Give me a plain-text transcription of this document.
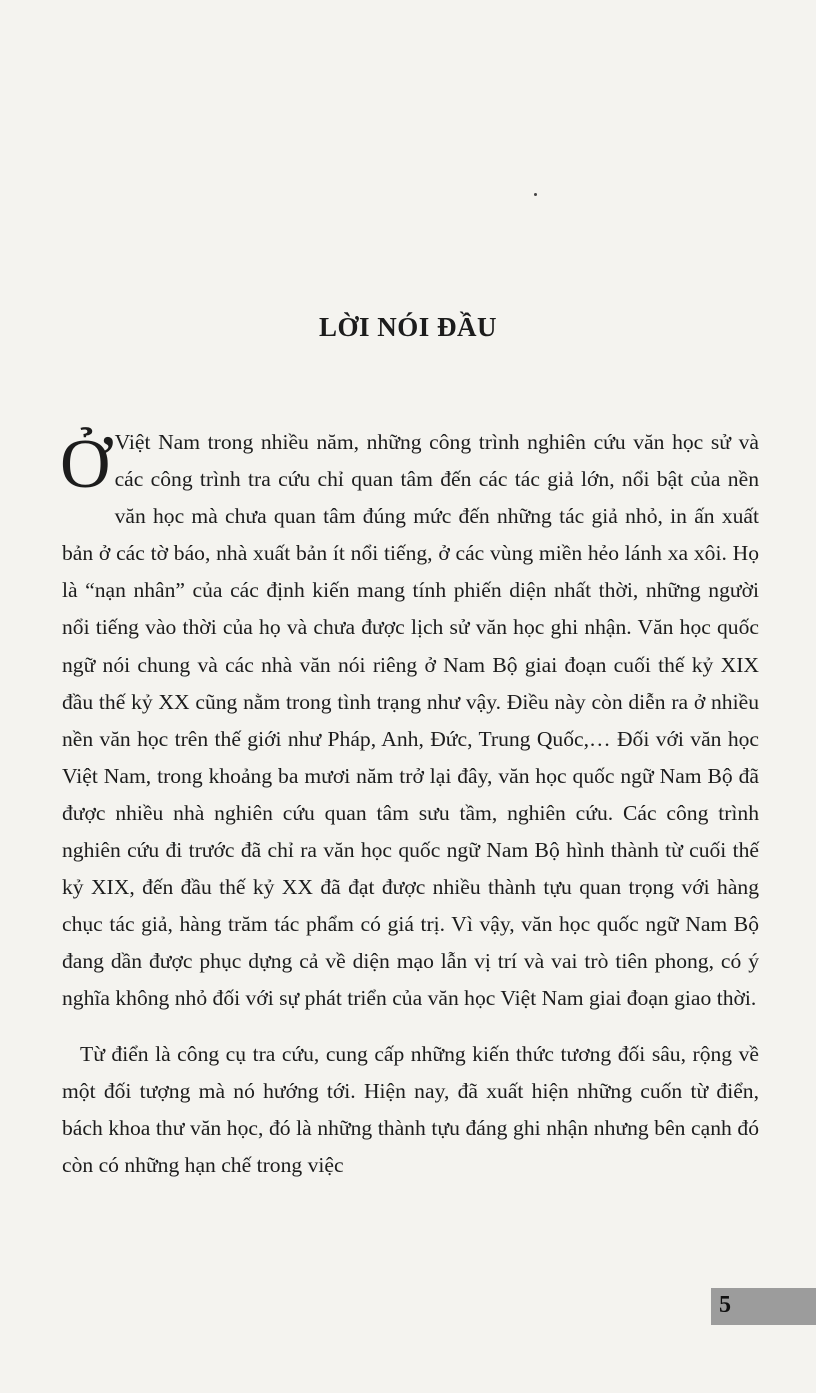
LỜI NÓI ĐẦU

Ở Việt Nam trong nhiều năm, những công trình nghiên cứu văn học sử và các công trình tra cứu chỉ quan tâm đến các tác giả lớn, nổi bật của nền văn học mà chưa quan tâm đúng mức đến những tác giả nhỏ, in ấn xuất bản ở các tờ báo, nhà xuất bản ít nổi tiếng, ở các vùng miền hẻo lánh xa xôi. Họ là “nạn nhân” của các định kiến mang tính phiến diện nhất thời, những người nổi tiếng vào thời của họ và chưa được lịch sử văn học ghi nhận. Văn học quốc ngữ nói chung và các nhà văn nói riêng ở Nam Bộ giai đoạn cuối thế kỷ XIX đầu thế kỷ XX cũng nằm trong tình trạng như vậy. Điều này còn diễn ra ở nhiều nền văn học trên thế giới như Pháp, Anh, Đức, Trung Quốc,… Đối với văn học Việt Nam, trong khoảng ba mươi năm trở lại đây, văn học quốc ngữ Nam Bộ đã được nhiều nhà nghiên cứu quan tâm sưu tầm, nghiên cứu. Các công trình nghiên cứu đi trước đã chỉ ra văn học quốc ngữ Nam Bộ hình thành từ cuối thế kỷ XIX, đến đầu thế kỷ XX đã đạt được nhiều thành tựu quan trọng với hàng chục tác giả, hàng trăm tác phẩm có giá trị. Vì vậy, văn học quốc ngữ Nam Bộ đang dần được phục dựng cả về diện mạo lẫn vị trí và vai trò tiên phong, có ý nghĩa không nhỏ đối với sự phát triển của văn học Việt Nam giai đoạn giao thời.

Từ điển là công cụ tra cứu, cung cấp những kiến thức tương đối sâu, rộng về một đối tượng mà nó hướng tới. Hiện nay, đã xuất hiện những cuốn từ điển, bách khoa thư văn học, đó là những thành tựu đáng ghi nhận nhưng bên cạnh đó còn có những hạn chế trong việc

5
